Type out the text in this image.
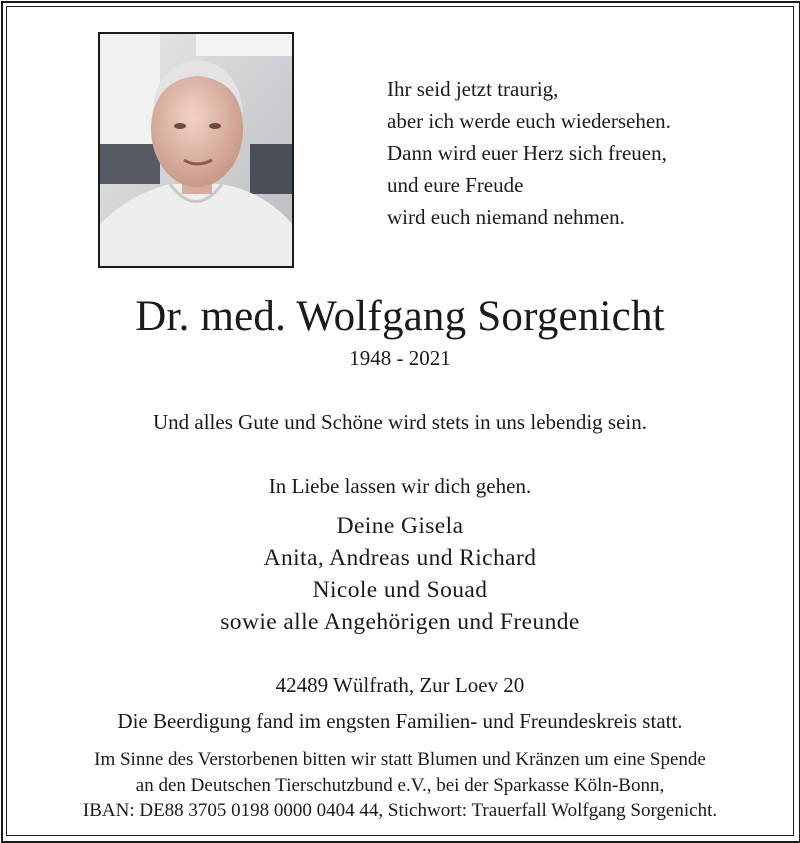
Ihr seid jetzt traurig,
aber ich werde euch wiedersehen.
Dann wird euer Herz sich freuen,
und eure Freude
wird euch niemand nehmen.
Dr. med. Wolfgang Sorgenicht
1948 - 2021
Und alles Gute und Schöne wird stets in uns lebendig sein.
In Liebe lassen wir dich gehen.
Deine Gisela
Anita, Andreas und Richard
Nicole und Souad
sowie alle Angehörigen und Freunde
42489 Wülfrath, Zur Loev 20
Die Beerdigung fand im engsten Familien- und Freundeskreis statt.
Im Sinne des Verstorbenen bitten wir statt Blumen und Kränzen um eine Spende
an den Deutschen Tierschutzbund e.V., bei der Sparkasse Köln-Bonn,
IBAN: DE88 3705 0198 0000 0404 44, Stichwort: Trauerfall Wolfgang Sorgenicht.
